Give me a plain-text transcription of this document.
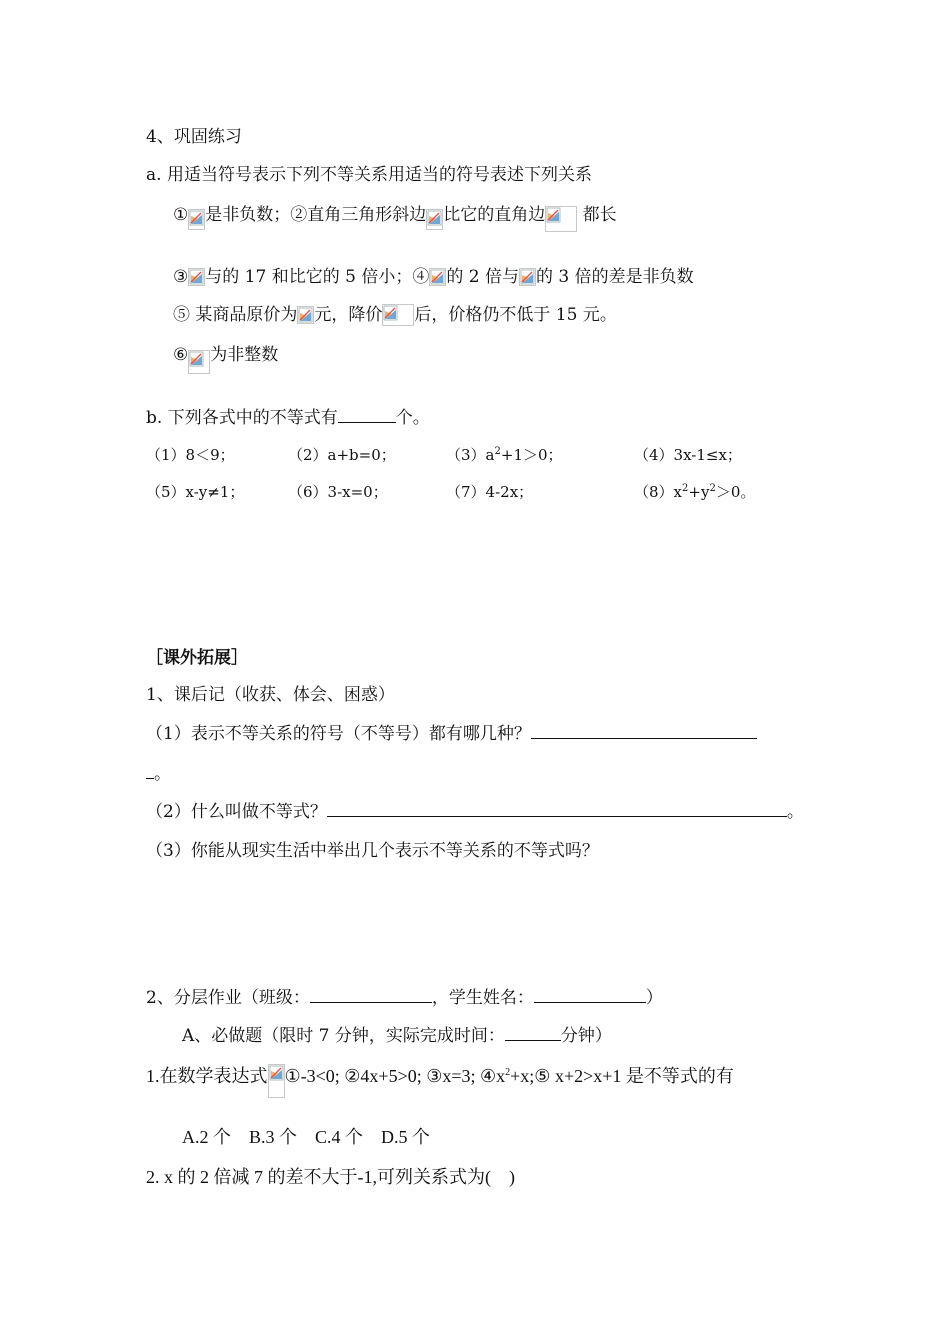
4、巩固练习
a. 用适当符号表示下列不等关系用适当的符号表述下列关系
① 是非负数；②直角三角形斜边 比它的直角边 都长
③ 与的 17 和比它的 5 倍小；④ 的 2 倍与 的 3 倍的差是非负数
⑤ 某商品原价为 元，降价 后，价格仍不低于 15 元。
⑥ 为非整数
b. 下列各式中的不等式有	个。
（1）8＜9；	（2）a+b=0；	$(3)a^2+1>0$；	（4）3x-1≤x；
（5）x-y≠1；	（6）3-x=0；	（7）4-2x；	$(8)x^2+y^2>0$。
［课外拓展］
1、课后记（收获、体会、困惑）
（1）表示不等关系的符号（不等号）都有哪几种？
。
（2）什么叫做不等式？	。
（3）你能从现实生活中举出几个表示不等关系的不等式吗？
2、分层作业（班级：	，学生姓名：	）
A、必做题（限时 7 分钟，实际完成时间：	分钟）
1.在数学表达式 ①-3<0; ②4x+5>0; ③x=3; $④x^2+x;⑤$ x+2>x+1 是不等式的有
A.2 个    B.3 个    C.4 个    D.5 个
2. x 的 2 倍减 7 的差不大于-1,可列关系式为(    )
